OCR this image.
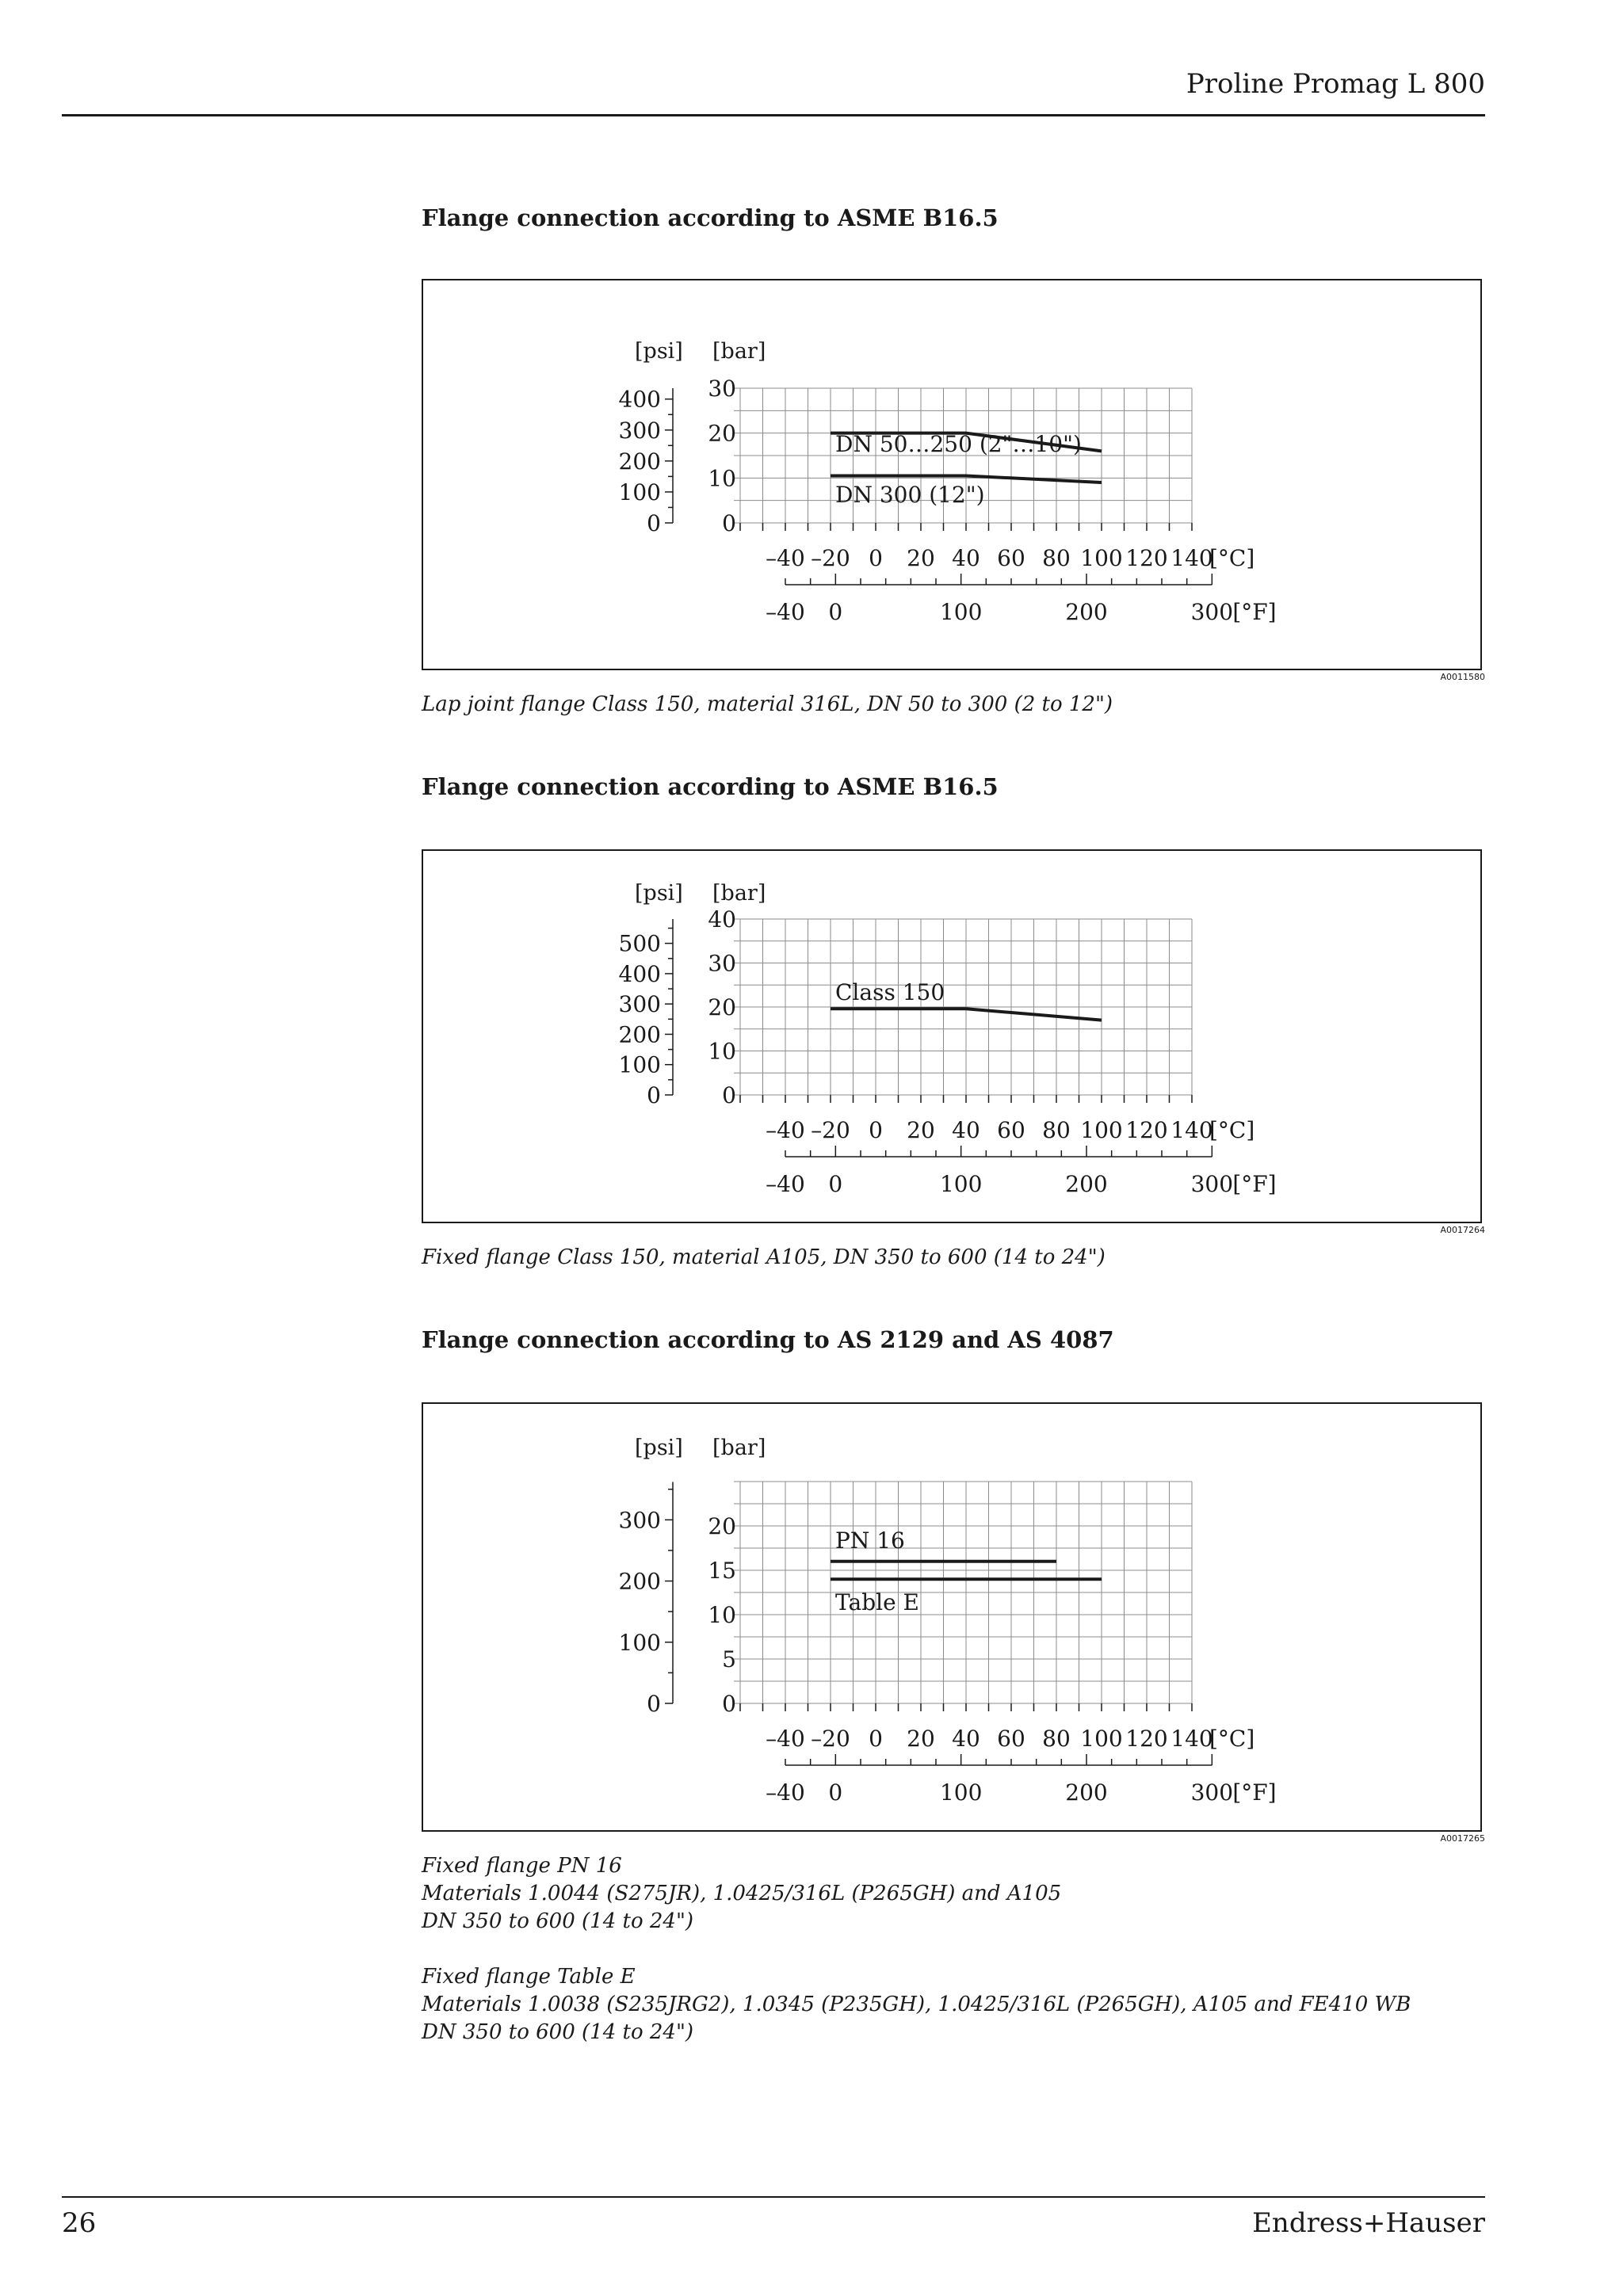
Proline Promag L 800
Flange connection according to ASME B16.5
0
10
20
30
0
100
200
300
400
[psi] [bar]
–40 –20 0 20 40 60 80 100 120 140
[°C]
–40 0	100	200	300 [°F]
DN 50…250 (2"…10")
DN 300 (12")
A0011580
Lap joint flange Class 150, material 316L, DN 50 to 300 (2 to 12")
Flange connection according to ASME B16.5
0
10
20
30
40
0
100
200
300
400
500
[psi] [bar]
–40 –20 0 20 40 60 80 100 120 140
[°C]
–40 0	100	200	300 [°F]
Class 150
A0017264
Fixed flange Class 150, material A105, DN 350 to 600 (14 to 24")
Flange connection according to AS 2129 and AS 4087
0
5
10
15
20
0
100
200
300
[psi] [bar]
–40 –20 0 20 40 60 80 100 120 140
[°C]
–40 0	100	200	300 [°F]
PN 16
Table E
A0017265
Fixed flange PN 16
Materials 1.0044 (S275JR), 1.0425/316L (P265GH) and A105
DN 350 to 600 (14 to 24")
Fixed flange Table E
Materials 1.0038 (S235JRG2), 1.0345 (P235GH), 1.0425/316L (P265GH), A105 and FE410 WB
DN 350 to 600 (14 to 24")
26	Endress+Hauser
